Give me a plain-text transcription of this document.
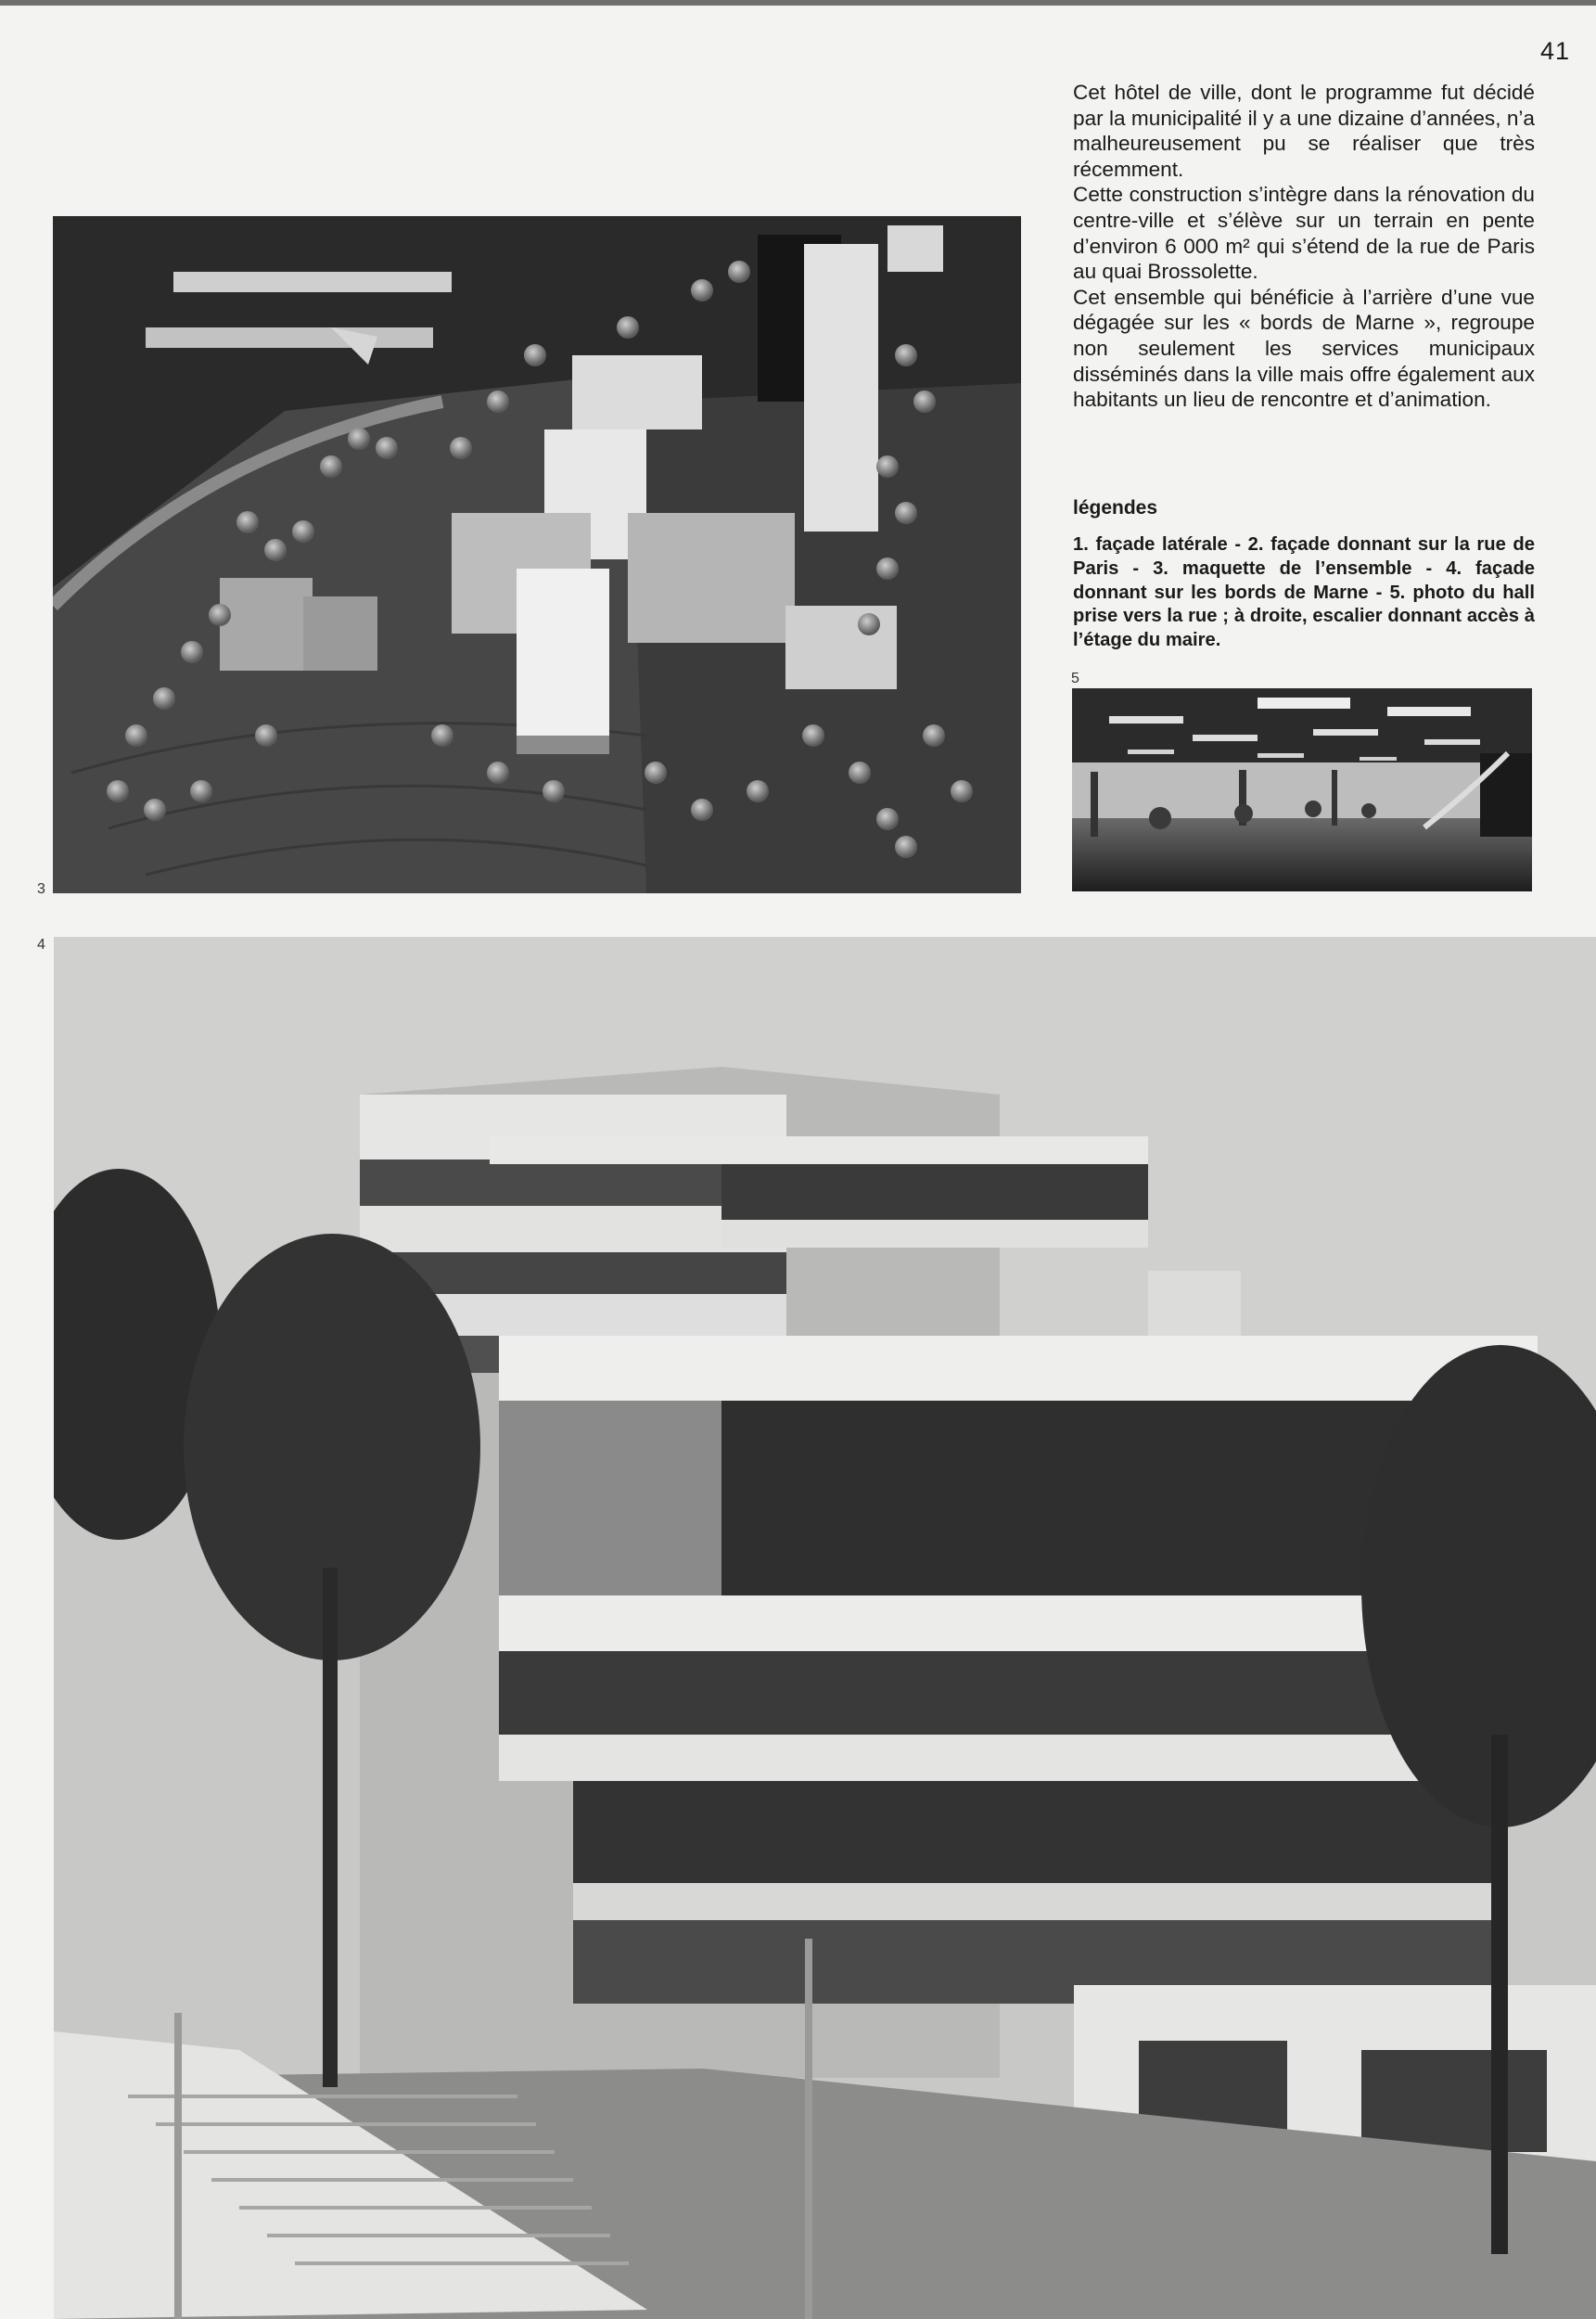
41

Cet hôtel de ville, dont le programme fut décidé par la municipalité il y a une dizaine d’années, n’a malheureusement pu se réaliser que très récemment.

Cette construction s’intègre dans la rénovation du centre-ville et s’élève sur un terrain en pente d’environ 6 000 m² qui s’étend de la rue de Paris au quai Brossolette.

Cet ensemble qui bénéficie à l’arrière d’une vue dégagée sur les « bords de Marne », regroupe non seulement les services municipaux disséminés dans la ville mais offre également aux habitants un lieu de rencontre et d’animation.

légendes
1. façade latérale - 2. façade donnant sur la rue de Paris - 3. maquette de l’ensemble - 4. façade donnant sur les bords de Marne - 5. photo du hall prise vers la rue ; à droite, escalier donnant accès à l’étage du maire.
3
5
4
